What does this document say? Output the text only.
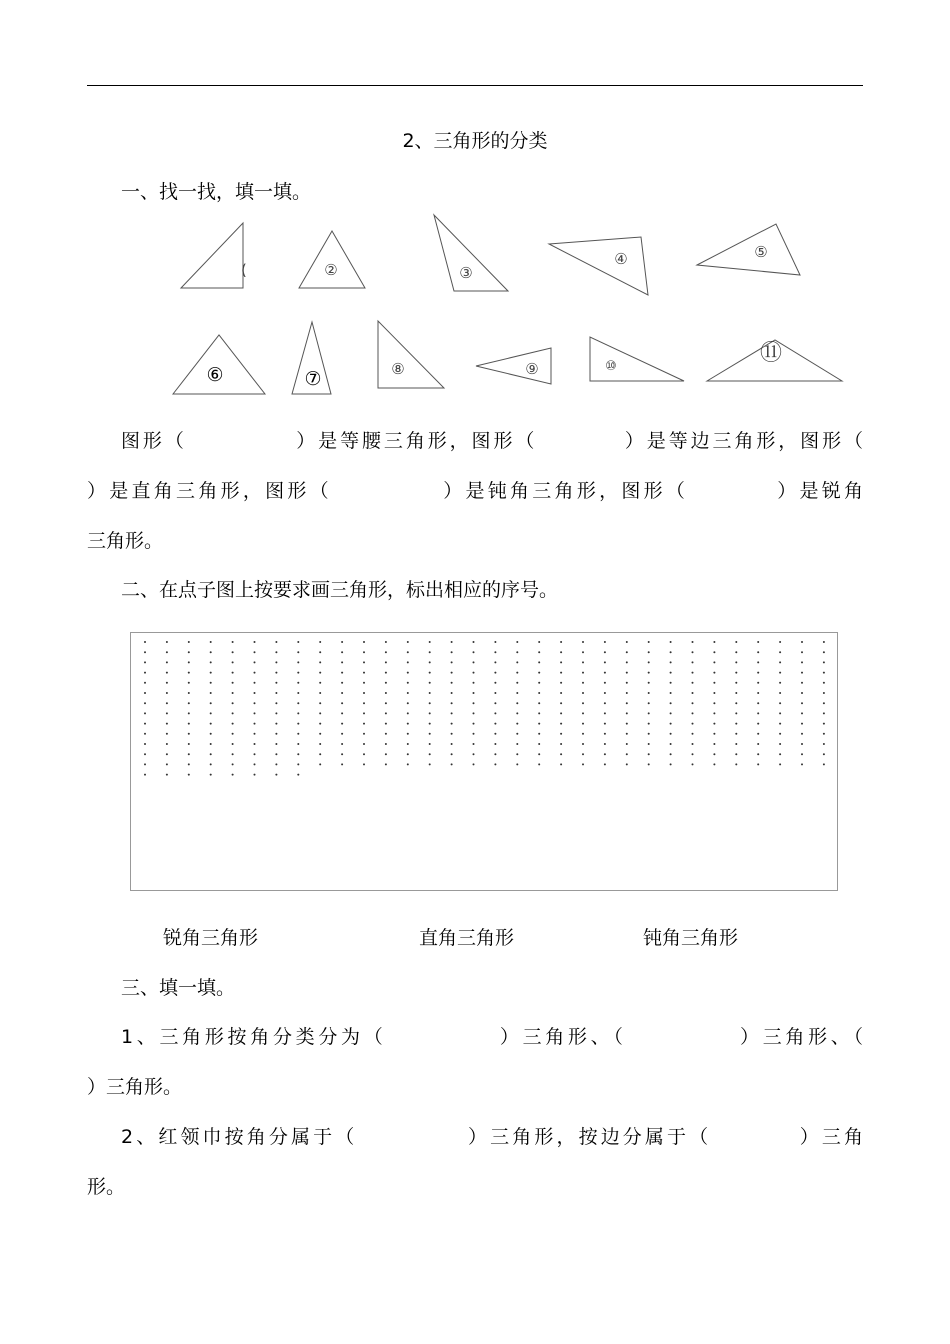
2、三角形的分类
一、找一找，填一填。
(	②	③
④	⑤
⑥	⑦	⑧	⑨	⑩
⑪
图形（　　　　　）是等腰三角形，图形（　　　　）是等边三角形，图形（
）是直角三角形，图形（　　　　　）是钝角三角形，图形（　　　　）是锐角
三角形。
二、在点子图上按要求画三角形，标出相应的序号。
锐角三角形	直角三角形	钝角三角形
三、填一填。
1、三角形按角分类分为（　　　　　）三角形、（　　　　　）三角形、（
）三角形。
2、红领巾按角分属于（　　　　　）三角形，按边分属于（　　　　）三角
形。
